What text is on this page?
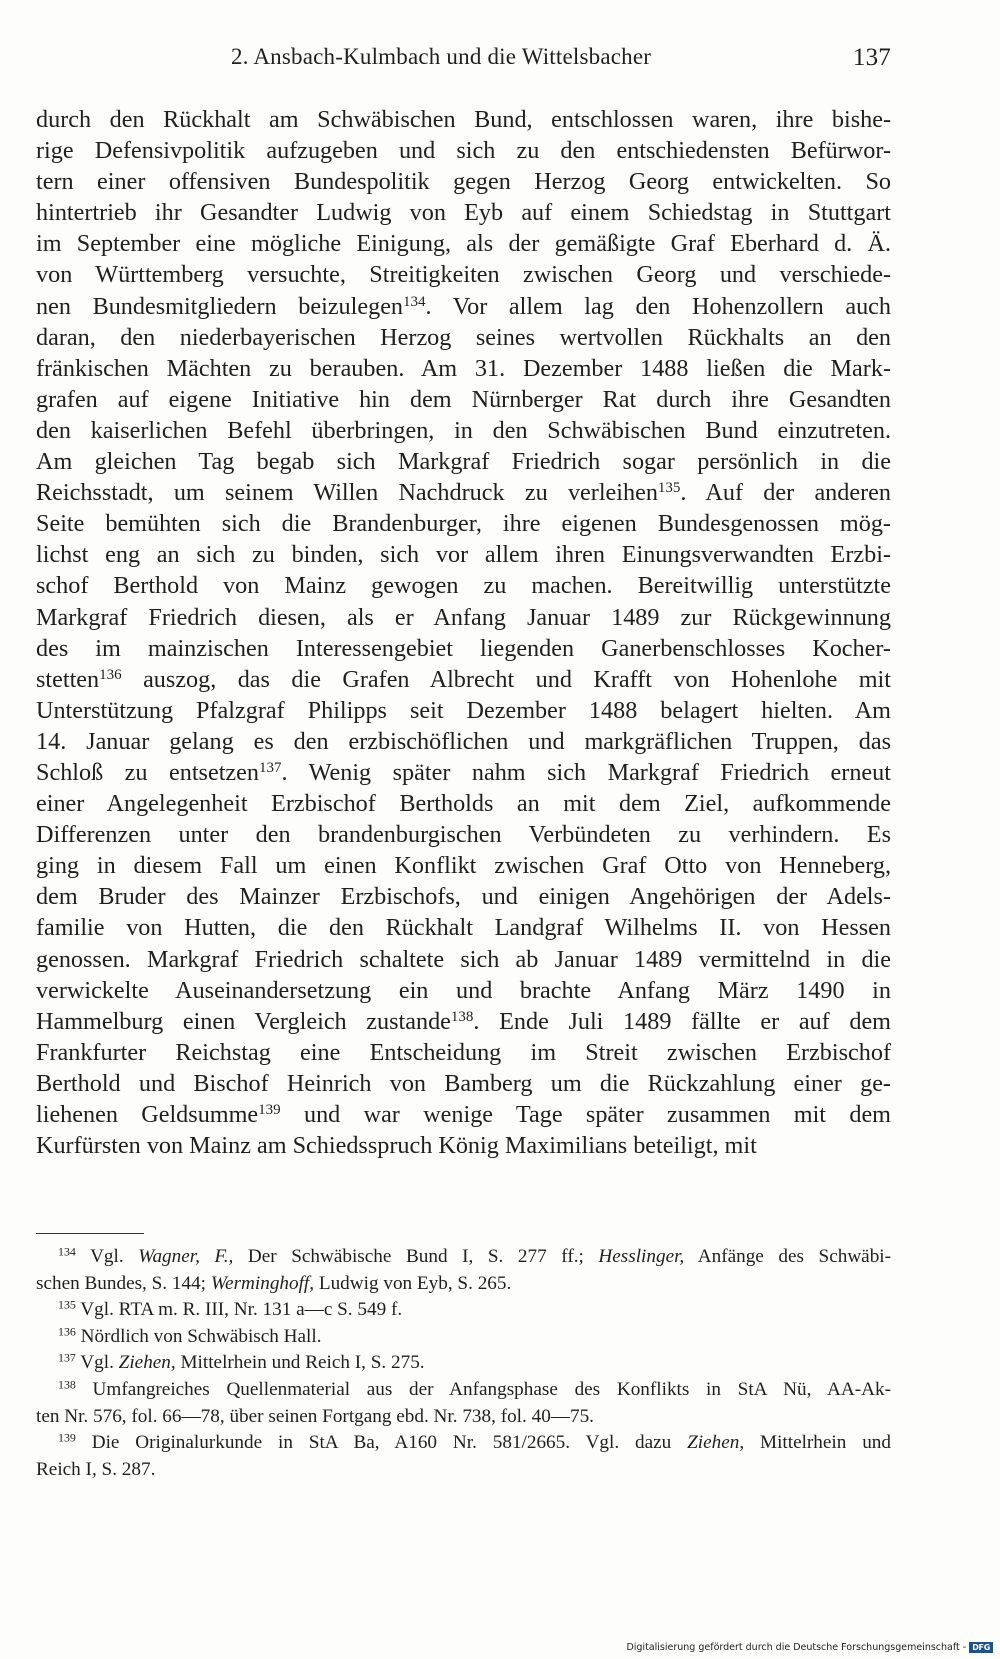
2. Ansbach-Kulmbach und die Wittelsbacher	137
durch den Rückhalt am Schwäbischen Bund, entschlossen waren, ihre bishe-
rige Defensivpolitik aufzugeben und sich zu den entschiedensten Befürwor-
tern einer offensiven Bundespolitik gegen Herzog Georg entwickelten. So
hintertrieb ihr Gesandter Ludwig von Eyb auf einem Schiedstag in Stuttgart
im September eine mögliche Einigung, als der gemäßigte Graf Eberhard d. Ä.
von Württemberg versuchte, Streitigkeiten zwischen Georg und verschiede-
nen Bundesmitgliedern beizulegen$^{134}$. Vor allem lag den Hohenzollern auch
daran, den niederbayerischen Herzog seines wertvollen Rückhalts an den
fränkischen Mächten zu berauben. Am 31. Dezember 1488 ließen die Mark-
grafen auf eigene Initiative hin dem Nürnberger Rat durch ihre Gesandten
den kaiserlichen Befehl überbringen, in den Schwäbischen Bund einzutreten.
Am gleichen Tag begab sich Markgraf Friedrich sogar persönlich in die
Reichsstadt, um seinem Willen Nachdruck zu verleihen$^{135}$. Auf der anderen
Seite bemühten sich die Brandenburger, ihre eigenen Bundesgenossen mög-
lichst eng an sich zu binden, sich vor allem ihren Einungsverwandten Erzbi-
schof Berthold von Mainz gewogen zu machen. Bereitwillig unterstützte
Markgraf Friedrich diesen, als er Anfang Januar 1489 zur Rückgewinnung
des im mainzischen Interessengebiet liegenden Ganerbenschlosses Kocher-
stetten$^{136}$ auszog, das die Grafen Albrecht und Krafft von Hohenlohe mit
Unterstützung Pfalzgraf Philipps seit Dezember 1488 belagert hielten. Am
14. Januar gelang es den erzbischöflichen und markgräflichen Truppen, das
Schloß zu entsetzen$^{137}$. Wenig später nahm sich Markgraf Friedrich erneut
einer Angelegenheit Erzbischof Bertholds an mit dem Ziel, aufkommende
Differenzen unter den brandenburgischen Verbündeten zu verhindern. Es
ging in diesem Fall um einen Konflikt zwischen Graf Otto von Henneberg,
dem Bruder des Mainzer Erzbischofs, und einigen Angehörigen der Adels-
familie von Hutten, die den Rückhalt Landgraf Wilhelms II. von Hessen
genossen. Markgraf Friedrich schaltete sich ab Januar 1489 vermittelnd in die
verwickelte Auseinandersetzung ein und brachte Anfang März 1490 in
Hammelburg einen Vergleich zustande$^{138}$. Ende Juli 1489 fällte er auf dem
Frankfurter Reichstag eine Entscheidung im Streit zwischen Erzbischof
Berthold und Bischof Heinrich von Bamberg um die Rückzahlung einer ge-
liehenen Geldsumme$^{139}$ und war wenige Tage später zusammen mit dem
Kurfürsten von Mainz am Schiedsspruch König Maximilians beteiligt, mit
$^{134}$ Vgl. Wagner, F., Der Schwäbische Bund I, S. 277 ff.; Hesslinger, Anfänge des Schwäbi-
schen Bundes, S. 144; Werminghoff, Ludwig von Eyb, S. 265.
$^{135}$ Vgl. RTA m. R. III, Nr. 131 a—c S. 549 f.
$^{136}$ Nördlich von Schwäbisch Hall.
$^{137}$ Vgl. Ziehen, Mittelrhein und Reich I, S. 275.
$^{138}$ Umfangreiches Quellenmaterial aus der Anfangsphase des Konflikts in StA Nü, AA-Ak-
ten Nr. 576, fol. 66—78, über seinen Fortgang ebd. Nr. 738, fol. 40—75.
$^{139}$ Die Originalurkunde in StA Ba, A160 Nr. 581/2665. Vgl. dazu Ziehen, Mittelrhein und
Reich I, S. 287.
Digitalisierung gefördert durch die Deutsche Forschungsgemeinschaft - DFG
